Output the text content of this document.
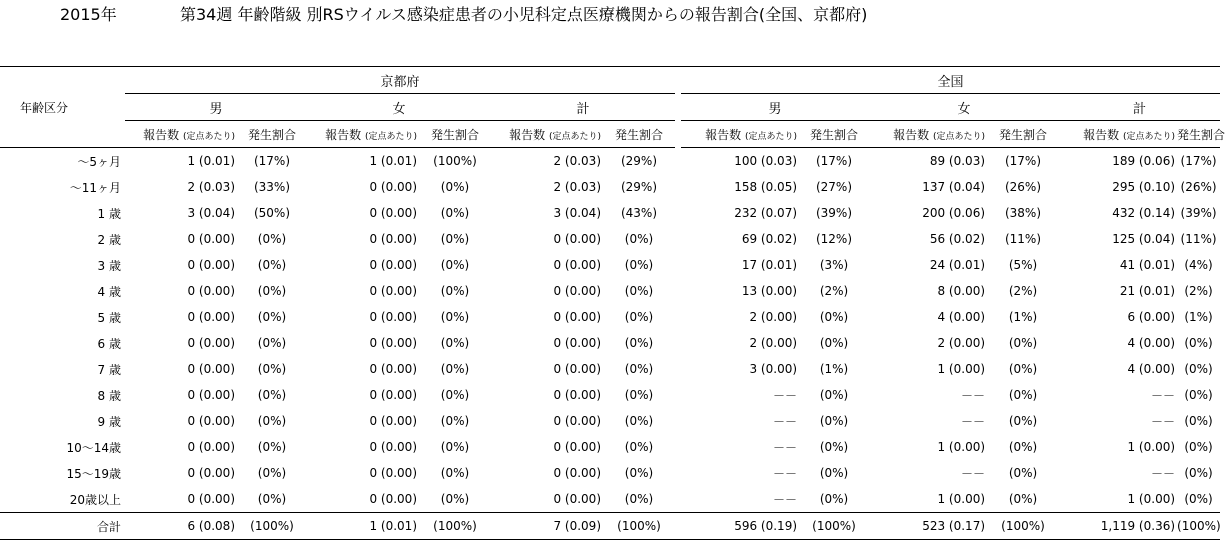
2015年	第34週 年齢階級 別RSウイルス感染症患者の小児科定点医療機関からの報告割合(全国、京都府)
年齢区分	京都府							全国					
	男		女		計			男		女		計	
	報告数 (定点あたり)	発生割合	報告数 (定点あたり)	発生割合	報告数 (定点あたり)	発生割合		報告数 (定点あたり)	発生割合	報告数 (定点あたり)	発生割合	報告数 (定点あたり)	発生割合
～5ヶ月	1 (0.01)	(17%)	1 (0.01)	(100%)	2 (0.03)	(29%)		100 (0.03)	(17%)	89 (0.03)	(17%)	189 (0.06)	(17%)
～11ヶ月	2 (0.03)	(33%)	0 (0.00)	(0%)	2 (0.03)	(29%)		158 (0.05)	(27%)	137 (0.04)	(26%)	295 (0.10)	(26%)
1 歳	3 (0.04)	(50%)	0 (0.00)	(0%)	3 (0.04)	(43%)		232 (0.07)	(39%)	200 (0.06)	(38%)	432 (0.14)	(39%)
2 歳	0 (0.00)	(0%)	0 (0.00)	(0%)	0 (0.00)	(0%)		69 (0.02)	(12%)	56 (0.02)	(11%)	125 (0.04)	(11%)
3 歳	0 (0.00)	(0%)	0 (0.00)	(0%)	0 (0.00)	(0%)		17 (0.01)	(3%)	24 (0.01)	(5%)	41 (0.01)	(4%)
4 歳	0 (0.00)	(0%)	0 (0.00)	(0%)	0 (0.00)	(0%)		13 (0.00)	(2%)	8 (0.00)	(2%)	21 (0.01)	(2%)
5 歳	0 (0.00)	(0%)	0 (0.00)	(0%)	0 (0.00)	(0%)		2 (0.00)	(0%)	4 (0.00)	(1%)	6 (0.00)	(1%)
6 歳	0 (0.00)	(0%)	0 (0.00)	(0%)	0 (0.00)	(0%)		2 (0.00)	(0%)	2 (0.00)	(0%)	4 (0.00)	(0%)
7 歳	0 (0.00)	(0%)	0 (0.00)	(0%)	0 (0.00)	(0%)		3 (0.00)	(1%)	1 (0.00)	(0%)	4 (0.00)	(0%)
8 歳	0 (0.00)	(0%)	0 (0.00)	(0%)	0 (0.00)	(0%)		－－	(0%)	－－	(0%)	－－	(0%)
9 歳	0 (0.00)	(0%)	0 (0.00)	(0%)	0 (0.00)	(0%)		－－	(0%)	－－	(0%)	－－	(0%)
10～14歳	0 (0.00)	(0%)	0 (0.00)	(0%)	0 (0.00)	(0%)		－－	(0%)	1 (0.00)	(0%)	1 (0.00)	(0%)
15～19歳	0 (0.00)	(0%)	0 (0.00)	(0%)	0 (0.00)	(0%)		－－	(0%)	－－	(0%)	－－	(0%)
20歳以上	0 (0.00)	(0%)	0 (0.00)	(0%)	0 (0.00)	(0%)		－－	(0%)	1 (0.00)	(0%)	1 (0.00)	(0%)
合計	6 (0.08)	(100%)	1 (0.01)	(100%)	7 (0.09)	(100%)		596 (0.19)	(100%)	523 (0.17)	(100%)	1,119 (0.36)	(100%)
